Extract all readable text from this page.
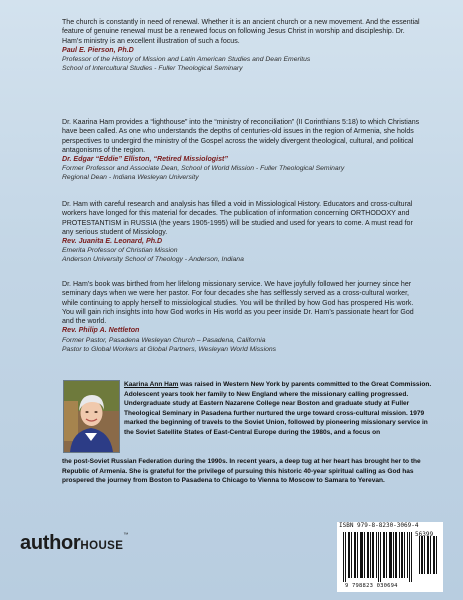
The church is constantly in need of renewal. Whether it is an ancient church or a new movement. And the essential feature of genuine renewal must be a renewed focus on following Jesus Christ in worship and discipleship. Dr. Ham’s ministry is an excellent illustration of such a focus.

Paul E. Pierson, Ph.D

Professor of the History of Mission and Latin American Studies and Dean Emeritus

School of Intercultural Studies - Fuller Theological Seminary

Dr. Kaarina Ham provides a “lighthouse” into the “ministry of reconciliation” (II Corinthians 5:18) to which Christians have been called. As one who understands the depths of centuries-old issues in the region of Armenia, she holds perspectives to undergird the ministry of the Gospel across the widely divergent theological, cultural, and political antagonisms of the region.

Dr. Edgar “Eddie” Elliston, “Retired Missiologist”

Former Professor and Associate Dean, School of World Mission - Fuller Theological Seminary

Regional Dean - Indiana Wesleyan University

Dr. Ham with careful research and analysis has filled a void in Missiological History. Educators and cross-cultural workers have longed for this material for decades. The publication of information concerning ORTHODOXY and PROTESTANTISM in RUSSIA (the years 1905-1995) will be studied and used for years to come. A must read for any serious student of Missiology.

Rev. Juanita E. Leonard, Ph.D

Emerita Professor of Christian Mission

Anderson University School of Theology - Anderson, Indiana

Dr. Ham’s book was birthed from her lifelong missionary service. We have joyfully followed her journey since her seminary days when we were her pastor. For four decades she has selflessly served as a cross-cultural worker, while continuing to apply herself to missiological studies. You will be thrilled by how God has prospered His work. You will gain rich insights into how God works in His world as you peer inside Dr. Ham’s passionate heart for God and the world.

Rev. Philip A. Nettleton

Former Pastor, Pasadena Wesleyan Church – Pasadena, California

Pastor to Global Workers at Global Partners, Wesleyan World Missions

Kaarina Ann Ham was raised in Western New York by parents committed to the Great Commission. Adolescent years took her family to New England where the missionary calling progressed. Undergraduate study at Eastern Nazarene College near Boston and graduate study at Fuller Theological Seminary in Pasadena further nurtured the urge toward cross-cultural mission. 1979 marked the beginning of travels to the Soviet Union, followed by pioneering missionary service in the Soviet Satellite States of East-Central Europe during the 1980s, and a focus on
the post-Soviet Russian Federation during the 1990s. In recent years, a deep tug at her heart has brought her to the Republic of Armenia. She is grateful for the privilege of pursuing this historic 40-year spiritual calling as God has prospered the journey from Boston to Pasadena to Chicago to Vienna to Moscow to Samara to Yerevan.
authorHOUSE™
ISBN 979-8-8230-3069-4
56399
9 798823 030694
